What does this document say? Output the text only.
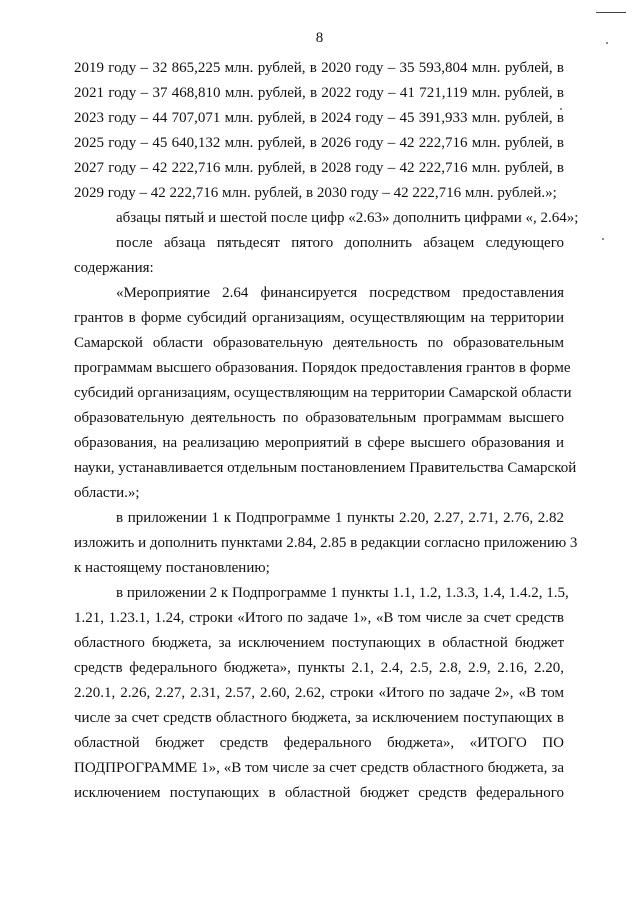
8
2019 году – 32 865,225 млн. рублей, в 2020 году – 35 593,804 млн. рублей, в
2021 году – 37 468,810 млн. рублей, в 2022 году – 41 721,119 млн. рублей, в
2023 году – 44 707,071 млн. рублей, в 2024 году – 45 391,933 млн. рублей, в
2025 году – 45 640,132 млн. рублей, в 2026 году – 42 222,716 млн. рублей, в
2027 году – 42 222,716 млн. рублей, в 2028 году – 42 222,716 млн. рублей, в
2029 году – 42 222,716 млн. рублей, в 2030 году – 42 222,716 млн. рублей.»;
абзацы пятый и шестой после цифр «2.63» дополнить цифрами «, 2.64»;
после абзаца пятьдесят пятого дополнить абзацем следующего
содержания:
«Мероприятие 2.64 финансируется посредством предоставления
грантов в форме субсидий организациям, осуществляющим на территории
Самарской области образовательную деятельность по образовательным
программам высшего образования. Порядок предоставления грантов в форме
субсидий организациям, осуществляющим на территории Самарской области
образовательную деятельность по образовательным программам высшего
образования, на реализацию мероприятий в сфере высшего образования и
науки, устанавливается отдельным постановлением Правительства Самарской
области.»;
в приложении 1 к Подпрограмме 1 пункты 2.20, 2.27, 2.71, 2.76, 2.82
изложить и дополнить пунктами 2.84, 2.85 в редакции согласно приложению 3
к настоящему постановлению;
в приложении 2 к Подпрограмме 1 пункты 1.1, 1.2, 1.3.3, 1.4, 1.4.2, 1.5,
1.21, 1.23.1, 1.24, строки «Итого по задаче 1», «В том числе за счет средств
областного бюджета, за исключением поступающих в областной бюджет
средств федерального бюджета», пункты 2.1, 2.4, 2.5, 2.8, 2.9, 2.16, 2.20,
2.20.1, 2.26, 2.27, 2.31, 2.57, 2.60, 2.62, строки «Итого по задаче 2», «В том
числе за счет средств областного бюджета, за исключением поступающих в
областной бюджет средств федерального бюджета», «ИТОГО ПО
ПОДПРОГРАММЕ 1», «В том числе за счет средств областного бюджета, за
исключением поступающих в областной бюджет средств федерального
